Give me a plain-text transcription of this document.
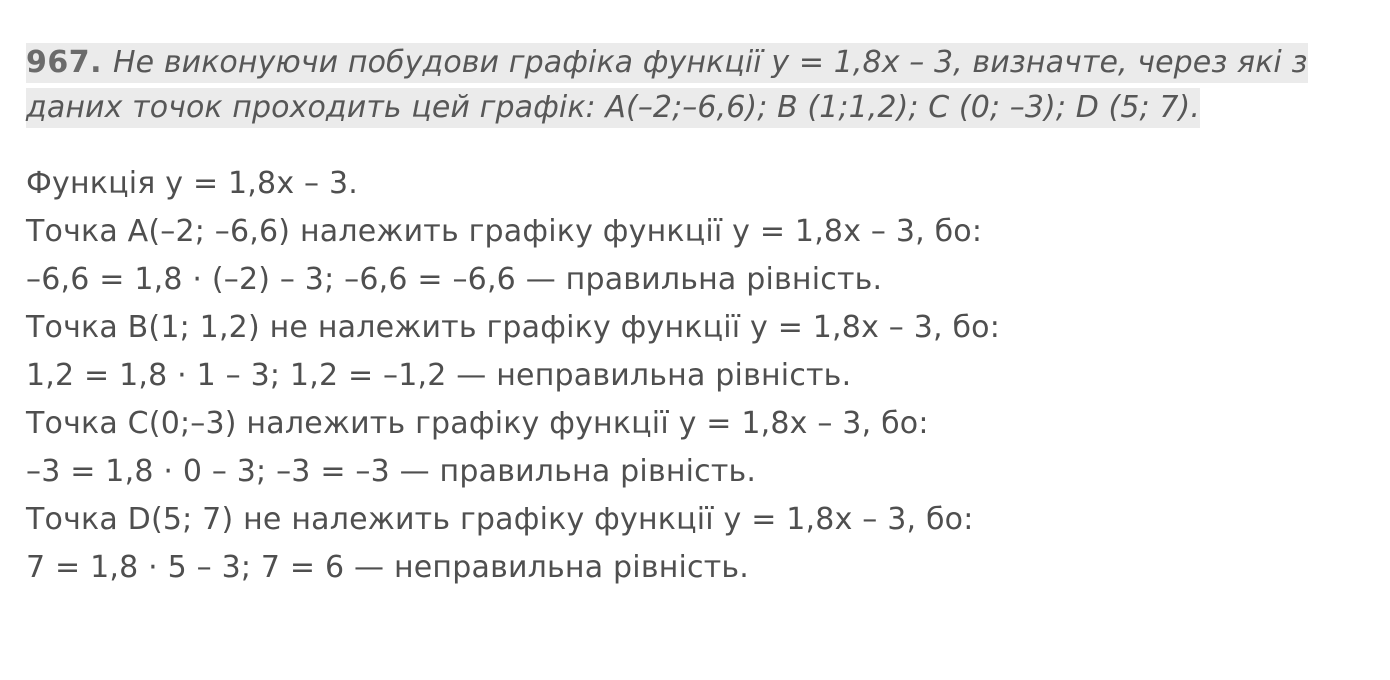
967. Не виконуючи побудови графіка функції y = 1,8x – 3, визначте, через які з даних точок проходить цей графік: A(–2;–6,6); B (1;1,2); C (0; –3); D (5; 7).

Функція y = 1,8x – 3.
Точка A(–2; –6,6) належить графіку функції y = 1,8x – 3, бо:
–6,6 = 1,8 · (–2) – 3; –6,6 = –6,6 — правильна рівність.
Точка B(1; 1,2) не належить графіку функції y = 1,8x – 3, бо:
1,2 = 1,8 · 1 – 3; 1,2 = –1,2 — неправильна рівність.
Точка C(0;–3) належить графіку функції y = 1,8x – 3, бо:
–3 = 1,8 · 0 – 3; –3 = –3 — правильна рівність.
Точка D(5; 7) не належить графіку функції y = 1,8x – 3, бо:
7 = 1,8 · 5 – 3; 7 = 6 — неправильна рівність.
